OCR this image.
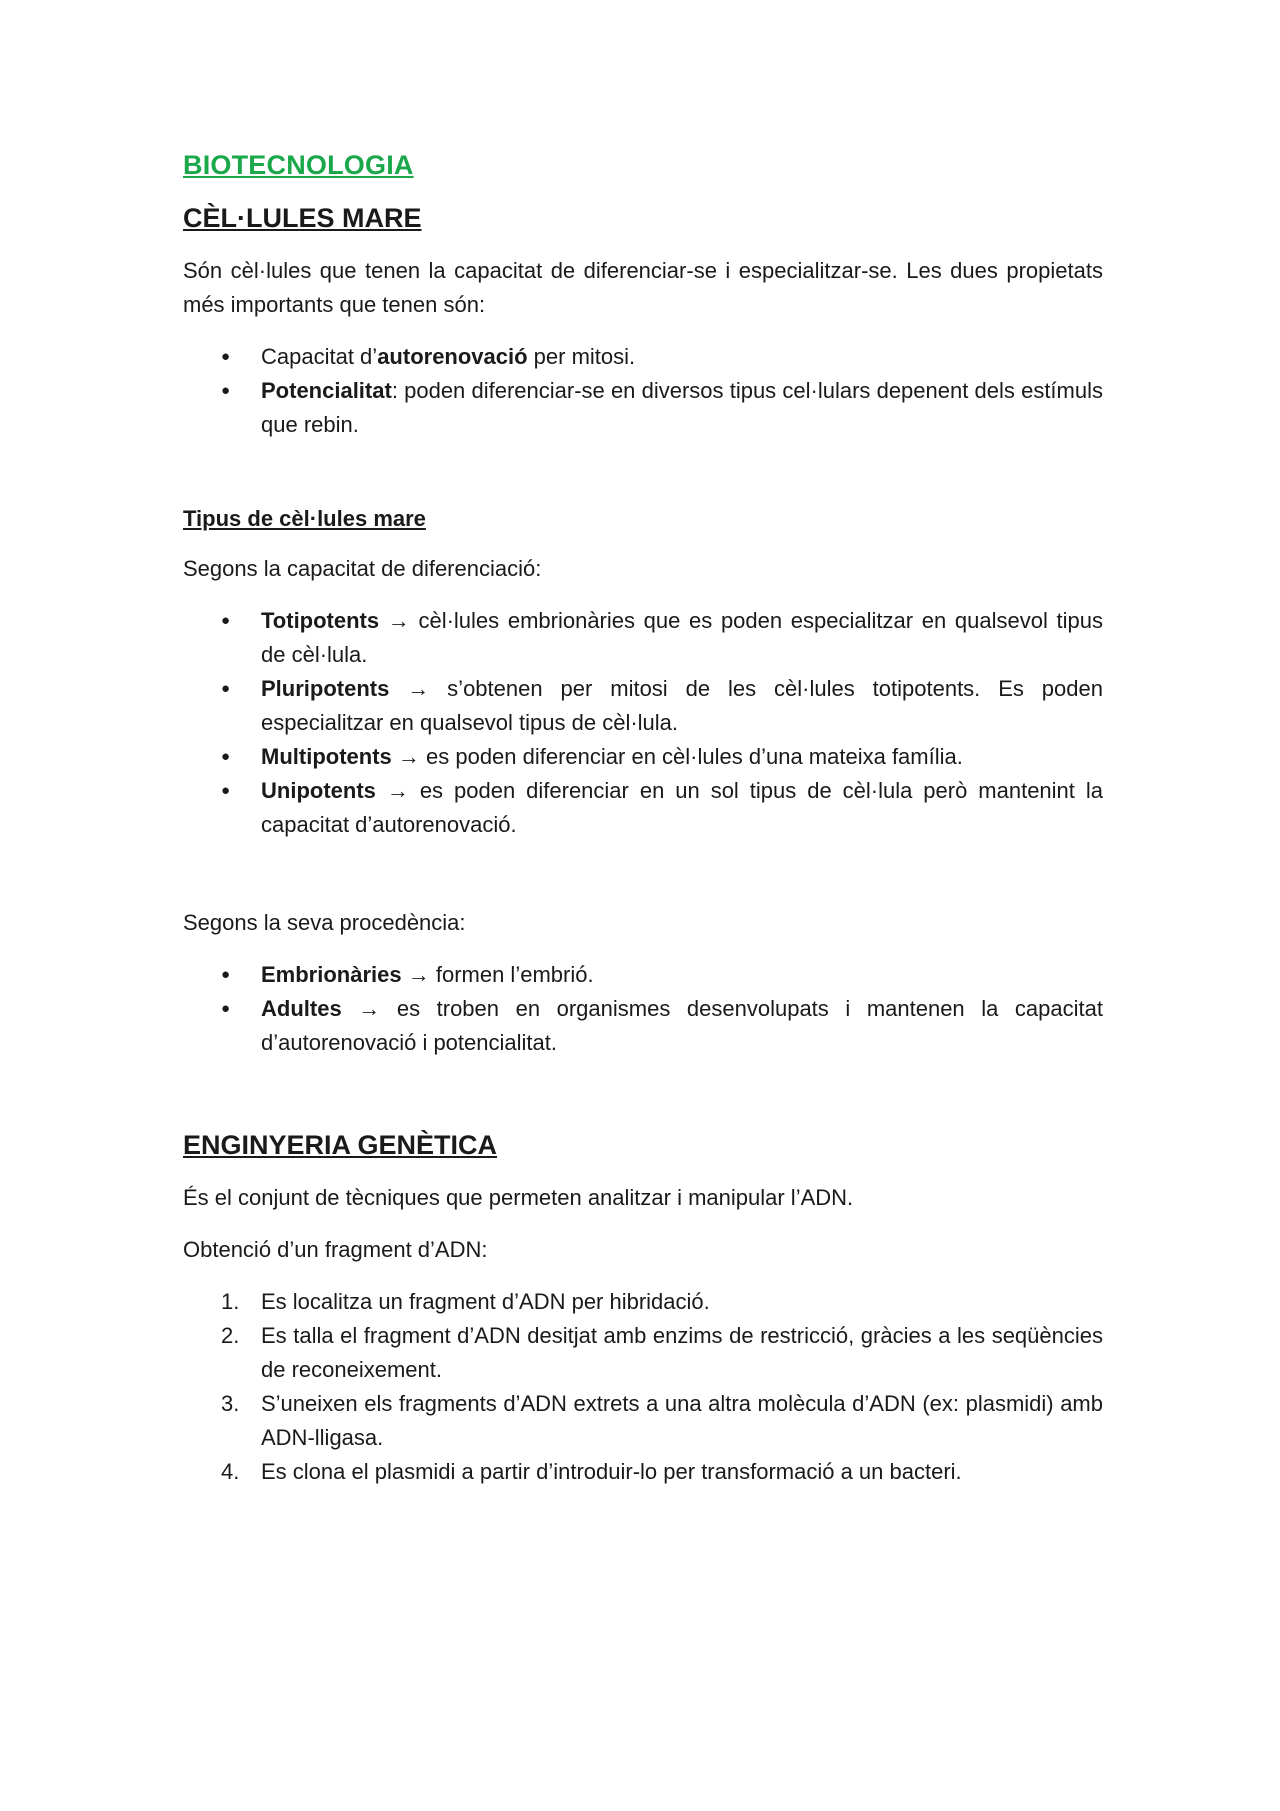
BIOTECNOLOGIA
CÈL·LULES MARE

Són cèl·lules que tenen la capacitat de diferenciar-se i especialitzar-se. Les dues propietats més importants que tenen són:

● Capacitat d’autorenovació per mitosi.
● Potencialitat: poden diferenciar-se en diversos tipus cel·lulars depenent dels estímuls que rebin.
Tipus de cèl·lules mare

Segons la capacitat de diferenciació:

● Totipotents → cèl·lules embrionàries que es poden especialitzar en qualsevol tipus de cèl·lula.
● Pluripotents → s’obtenen per mitosi de les cèl·lules totipotents. Es poden especialitzar en qualsevol tipus de cèl·lula.
● Multipotents → es poden diferenciar en cèl·lules d’una mateixa família.
● Unipotents → es poden diferenciar en un sol tipus de cèl·lula però mantenint la capacitat d’autorenovació.

Segons la seva procedència:

● Embrionàries → formen l’embrió.
● Adultes → es troben en organismes desenvolupats i mantenen la capacitat d’autorenovació i potencialitat.
ENGINYERIA GENÈTICA

És el conjunt de tècniques que permeten analitzar i manipular l’ADN.

Obtenció d’un fragment d’ADN:

Es localitza un fragment d’ADN per hibridació.
Es talla el fragment d’ADN desitjat amb enzims de restricció, gràcies a les seqüències de reconeixement.
S’uneixen els fragments d’ADN extrets a una altra molècula d’ADN (ex: plasmidi) amb ADN-lligasa.
Es clona el plasmidi a partir d’introduir-lo per transformació a un bacteri.
